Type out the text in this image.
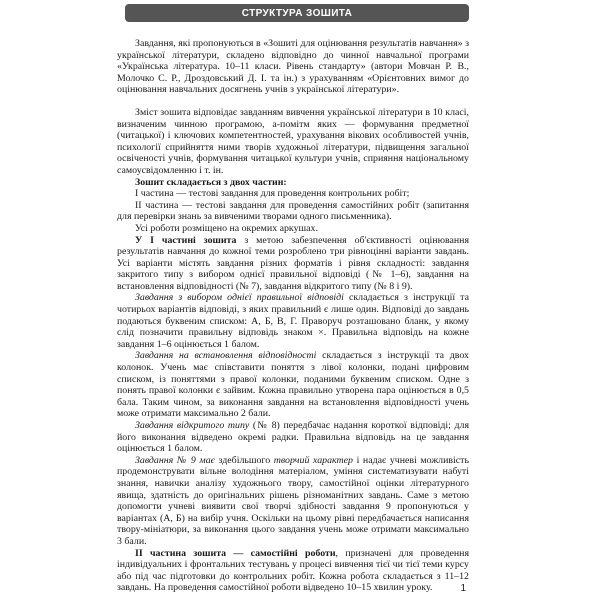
СТРУКТУРА ЗОШИТА

Завдання, які пропонуються в «Зошиті для оцінювання результатів навчання» з української літератури, складено відповідно до чинної навчальної програми «Українська література. 10–11 класи. Рівень стандарту» (автори Мовчан Р. В., Молочко С. Р., Дроздовський Д. І. та ін.) з урахуванням «Орієнтовних вимог до оцінювання навчальних досягнень учнів з української літератури».

Зміст зошита відповідає завданням вивчення української літератури в 10 класі, визначеним чинною програмою, а-помітм яких — формування предметної (читацької) і ключових компетентностей, урахування вікових особливостей учнів, психології сприйняття ними творів художньої літератури, підвищення загальної освіченості учнів, формування читацької культури учнів, сприяння національному самоусвідомленню і т. ін.

Зошит складається з двох частин:

І частина — тестові завдання для проведення контрольних робіт;

ІІ частина — тестові завдання для проведення самостійних робіт (запитання для перевірки знань за вивченими творами одного письменника).

Усі роботи розміщено на окремих аркушах.

У І частині зошита з метою забезпечення об'єктивності оцінювання результатів навчання до кожної теми розроблено три рівноцінні варіанти завдань. Усі варіанти містять завдання різних форматів і рівня складності: завдання закритого типу з вибором однієї правильної відповіді (№ 1–6), завдання на встановлення відповідності (№ 7), завдання відкритого типу (№ 8 і 9).

Завдання з вибором однієї правильної відповіді складається з інструкції та чотирьох варіантів відповіді, з яких правильний є лише один. Відповіді до завдань подаються буквеним списком: А, Б, В, Г. Праворуч розташовано бланк, у якому слід позначити правильну відповідь знаком ×. Правильна відповідь на кожне завдання 1–6 оцінюється 1 балом.

Завдання на встановлення відповідності складається з інструкції та двох колонок. Учень має співставити поняття з лівої колонки, подані цифровим списком, із поняттями з правої колонки, поданими буквеним списком. Одне з понять правої колонки є зайвим. Кожна правильно утворена пара оцінюється в 0,5 бала. Таким чином, за виконання завдання на встановлення відповідності учень може отримати максимально 2 бали.

Завдання відкритого типу (№ 8) передбачає надання короткої відповіді; для його виконання відведено окремі радки. Правильна відповідь на це завдання оцінюється 1 балом.

Завдання № 9 має здебільшого творчий характер і надає учневі можливість продемонструвати вільне володіння матеріалом, уміння систематизувати набуті знання, навички аналізу художнього твору, самостійної оцінки літературного явища, здатність до оригінальних рішень різноманітних завдань. Саме з метою допомогти учневі виявити свої творчі здібності завдання 9 пропонуються у варіантах (А, Б) на вибір учня. Оскільки на цьому рівні передбачається написання твору-мініатюри, за виконання цього завдання учень може отримати максимально 3 бали.

ІІ частина зошита — самостійні роботи, призначені для проведення індивідуальних і фронтальних тестувань у процесі вивчення тієї чи тієї теми курсу або під час підготовки до контрольних робіт. Кожна робота складається з 11–12 завдань. На проведення самостійної роботи відведено 10–15 хвилин уроку.	1
